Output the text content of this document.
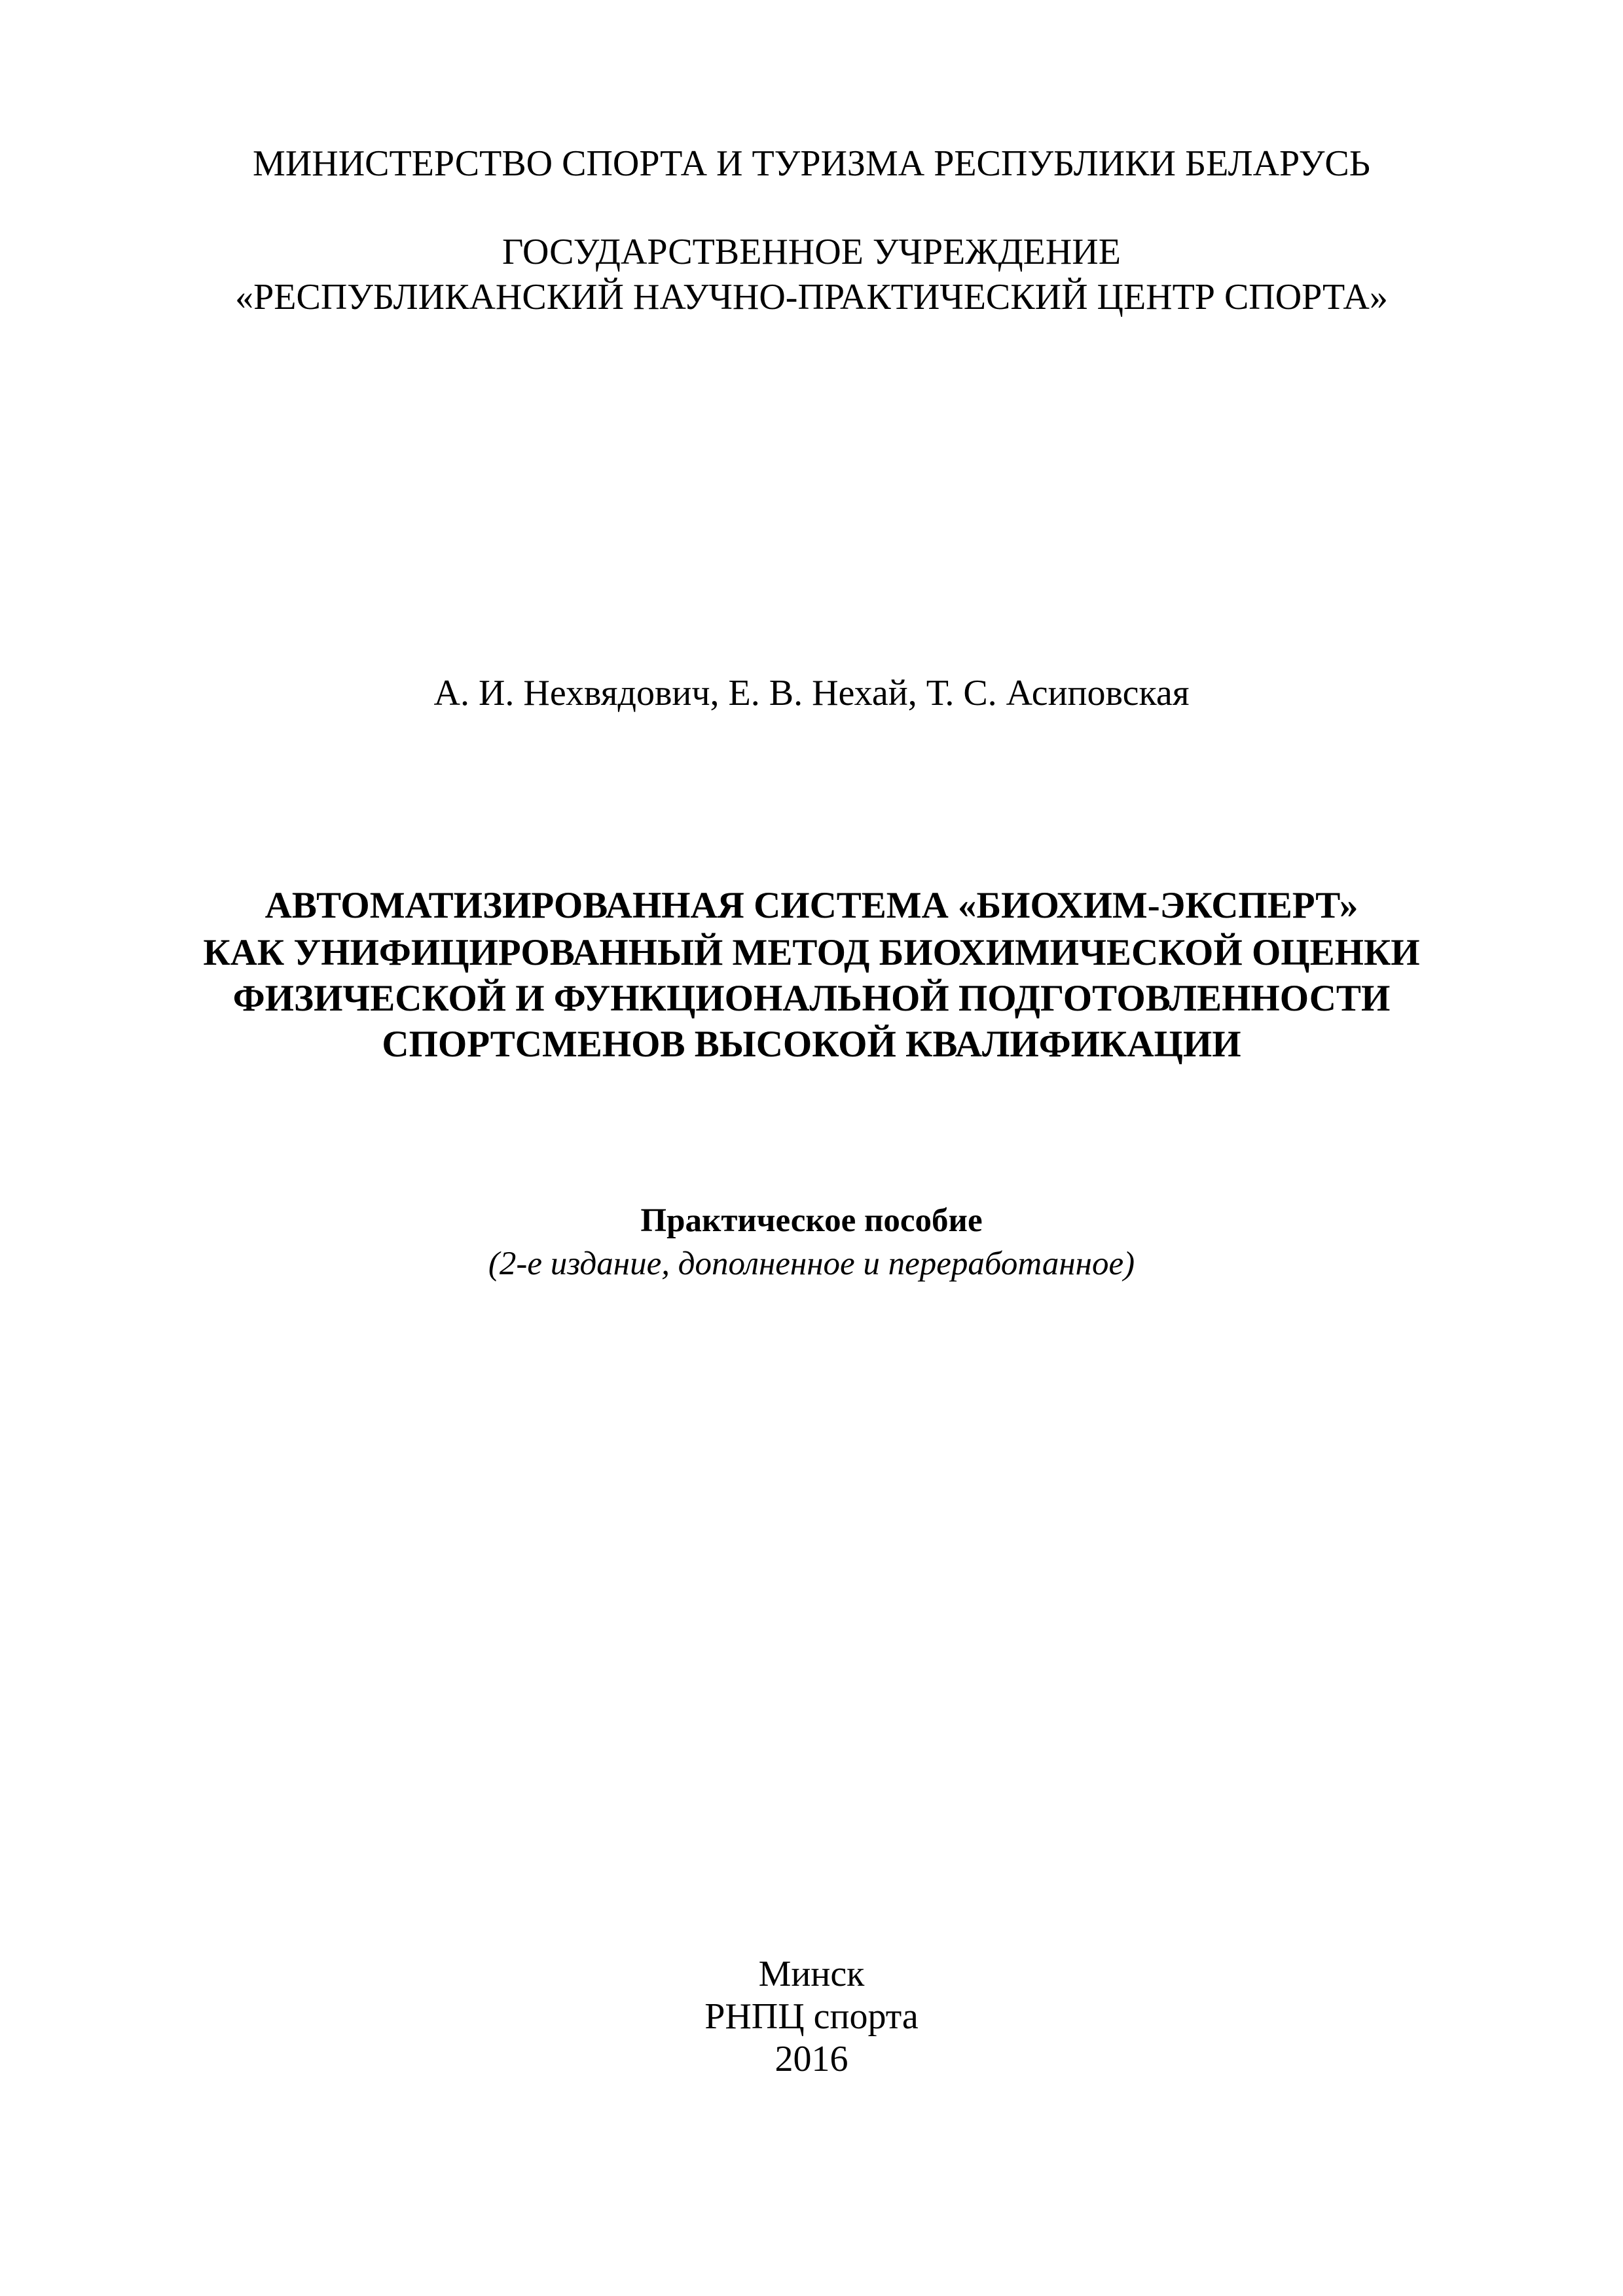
МИНИСТЕРСТВО СПОРТА И ТУРИЗМА РЕСПУБЛИКИ БЕЛАРУСЬ
ГОСУДАРСТВЕННОЕ УЧРЕЖДЕНИЕ
«РЕСПУБЛИКАНСКИЙ НАУЧНО-ПРАКТИЧЕСКИЙ ЦЕНТР СПОРТА»
А. И. Нехвядович, Е. В. Нехай, Т. С. Асиповская
АВТОМАТИЗИРОВАННАЯ СИСТЕМА «БИОХИМ-ЭКСПЕРТ»
КАК УНИФИЦИРОВАННЫЙ МЕТОД БИОХИМИЧЕСКОЙ ОЦЕНКИ
ФИЗИЧЕСКОЙ И ФУНКЦИОНАЛЬНОЙ ПОДГОТОВЛЕННОСТИ
СПОРТСМЕНОВ ВЫСОКОЙ КВАЛИФИКАЦИИ
Практическое пособие
(2-е издание, дополненное и переработанное)
Минск
РНПЦ спорта
2016
